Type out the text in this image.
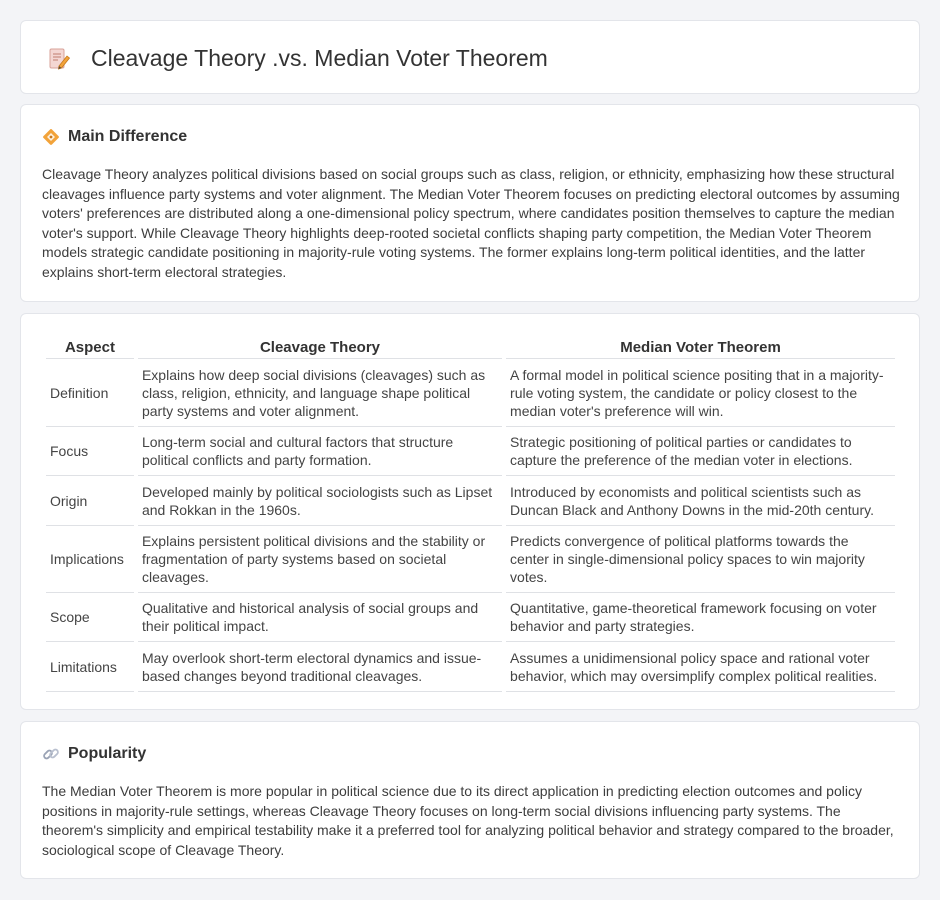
Cleavage Theory .vs. Median Voter Theorem
Main Difference

Cleavage Theory analyzes political divisions based on social groups such as class, religion, or ethnicity, emphasizing how these structural cleavages influence party systems and voter alignment. The Median Voter Theorem focuses on predicting electoral outcomes by assuming voters' preferences are distributed along a one-dimensional policy spectrum, where candidates position themselves to capture the median voter's support. While Cleavage Theory highlights deep-rooted societal conflicts shaping party competition, the Median Voter Theorem models strategic candidate positioning in majority-rule voting systems. The former explains long-term political identities, and the latter explains short-term electoral strategies.

Aspect	Cleavage Theory	Median Voter Theorem
Definition	Explains how deep social divisions (cleavages) such as class, religion, ethnicity, and language shape political party systems and voter alignment.	A formal model in political science positing that in a majority-rule voting system, the candidate or policy closest to the median voter's preference will win.
Focus	Long-term social and cultural factors that structure political conflicts and party formation.	Strategic positioning of political parties or candidates to capture the preference of the median voter in elections.
Origin	Developed mainly by political sociologists such as Lipset and Rokkan in the 1960s.	Introduced by economists and political scientists such as Duncan Black and Anthony Downs in the mid-20th century.
Implications	Explains persistent political divisions and the stability or fragmentation of party systems based on societal cleavages.	Predicts convergence of political platforms towards the center in single-dimensional policy spaces to win majority votes.
Scope	Qualitative and historical analysis of social groups and their political impact.	Quantitative, game-theoretical framework focusing on voter behavior and party strategies.
Limitations	May overlook short-term electoral dynamics and issue-based changes beyond traditional cleavages.	Assumes a unidimensional policy space and rational voter behavior, which may oversimplify complex political realities.
Popularity

The Median Voter Theorem is more popular in political science due to its direct application in predicting election outcomes and policy positions in majority-rule settings, whereas Cleavage Theory focuses on long-term social divisions influencing party systems. The theorem's simplicity and empirical testability make it a preferred tool for analyzing political behavior and strategy compared to the broader, sociological scope of Cleavage Theory.
